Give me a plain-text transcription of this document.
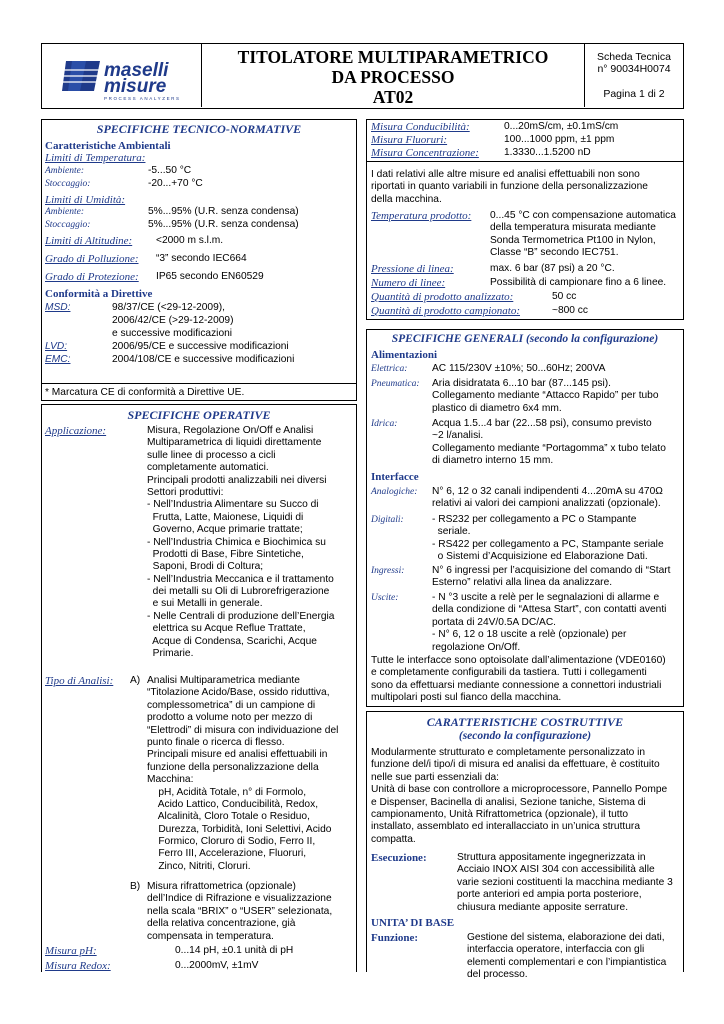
maselli
misure
PROCESS ANALYZERS
TITOLATORE MULTIPARAMETRICO
DA PROCESSO
AT02
Scheda Tecnica
n° 90034H0074
Pagina 1 di 2
SPECIFICHE TECNICO-NORMATIVE
Caratteristiche Ambientali
Limiti di Temperatura:
Ambiente:	-5...50 °C
Stoccaggio:	-20...+70 °C
Limiti di Umidità:
Ambiente:	5%...95% (U.R. senza condensa)
Stoccaggio:	5%...95% (U.R. senza condensa)
Limiti di Altitudine: <2000 m s.l.m.
Grado di Polluzione: “3” secondo IEC664
Grado di Protezione: IP65 secondo EN60529
Conformità a Direttive
MSD:	98/37/CE (<29-12-2009),
2006/42/CE (>29-12-2009)
e successive modificazioni
LVD:	2006/95/CE e successive modificazioni
EMC:	2004/108/CE e successive modificazioni
* Marcatura CE di conformità a Direttive UE.
SPECIFICHE OPERATIVE
Applicazione:	Misura, Regolazione On/Off e Analisi
Multiparametrica di liquidi direttamente
sulle linee di processo a cicli
completamente automatici.
Principali prodotti analizzabili nei diversi
Settori produttivi:
- Nell’Industria Alimentare su Succo di
Frutta, Latte, Maionese, Liquidi di
Governo, Acque primarie trattate;
- Nell’Industria Chimica e Biochimica su
Prodotti di Base, Fibre Sintetiche,
Saponi, Brodi di Coltura;
- Nell’Industria Meccanica e il trattamento
dei metalli su Oli di Lubrorefrigerazione
e sui Metalli in generale.
- Nelle Centrali di produzione dell’Energia
elettrica su Acque Reflue Trattate,
Acque di Condensa, Scarichi, Acque
Primarie.
Tipo di Analisi: A) Analisi Multiparametrica mediante
“Titolazione Acido/Base, ossido riduttiva,
complessometrica” di un campione di
prodotto a volume noto per mezzo di
“Elettrodi” di misura con individuazione del
punto finale o ricerca di flesso.
Principali misure ed analisi effettuabili in
funzione della personalizzazione della
Macchina:
pH, Acidità Totale, n° di Formolo,
Acido Lattico, Conducibilità, Redox,
Alcalinità, Cloro Totale o Residuo,
Durezza, Torbidità, Ioni Selettivi, Acido
Formico, Cloruro di Sodio, Ferro II,
Ferro III, Accelerazione, Fluoruri,
Zinco, Nitriti, Cloruri.
B) Misura rifrattometrica (opzionale)
dell’Indice di Rifrazione e visualizzazione
nella scala “BRIX” o “USER” selezionata,
della relativa concentrazione, già
compensata in temperatura.
Misura pH:	0...14 pH, ±0.1 unità di pH
Misura Redox:	0...2000mV, ±1mV
Misura Conducibilità:	0...20mS/cm, ±0.1mS/cm
Misura Fluoruri:	100...1000 ppm, ±1 ppm
Misura Concentrazione: 1.3330...1.5200 nD
I dati relativi alle altre misure ed analisi effettuabili non sono
riportati in quanto variabili in funzione della personalizzazione
della macchina.
Temperatura prodotto: 0...45 °C con compensazione automatica
della temperatura misurata mediante
Sonda Termometrica Pt100 in Nylon,
Classe “B” secondo IEC751.
Pressione di linea:	max. 6 bar (87 psi) a 20 °C.
Numero di linee:	Possibilità di campionare fino a 6 linee.
Quantità di prodotto analizzato:	50 cc
Quantità di prodotto campionato:	~800 cc
SPECIFICHE GENERALI (secondo la configurazione)
Alimentazioni
Elettrica: AC 115/230V ±10%; 50...60Hz; 200VA
Pneumatica: Aria disidratata 6...10 bar (87...145 psi).
Collegamento mediante “Attacco Rapido” per tubo
plastico di diametro 6x4 mm.
Idrica:	Acqua 1.5...4 bar (22...58 psi), consumo previsto
~2 l/analisi.
Collegamento mediante “Portagomma” x tubo telato
di diametro interno 15 mm.
Interfacce
Analogiche: N° 6, 12 o 32 canali indipendenti 4...20mA su 470Ω
relativi ai valori dei campioni analizzati (opzionale).
Digitali:	- RS232 per collegamento a PC o Stampante
seriale.
- RS422 per collegamento a PC, Stampante seriale
o Sistemi d’Acquisizione ed Elaborazione Dati.
Ingressi:	N° 6 ingressi per l’acquisizione del comando di “Start
Esterno” relativi alla linea da analizzare.
Uscite:	- N °3 uscite a relè per le segnalazioni di allarme e
della condizione di “Attesa Start”, con contatti aventi
portata di 24V/0.5A DC/AC.
- N° 6, 12 o 18 uscite a relè (opzionale) per
regolazione On/Off.
Tutte le interfacce sono optoisolate dall’alimentazione (VDE0160)
e completamente configurabili da tastiera. Tutti i collegamenti
sono da effettuarsi mediante connessione a connettori industriali
multipolari posti sul fianco della macchina.
CARATTERISTICHE COSTRUTTIVE
(secondo la configurazione)
Modularmente strutturato e completamente personalizzato in
funzione del/i tipo/i di misura ed analisi da effettuare, è costituito
nelle sue parti essenziali da:
Unità di base con controllore a microprocessore, Pannello Pompe
e Dispenser, Bacinella di analisi, Sezione taniche, Sistema di
campionamento, Unità Rifrattometrica (opzionale), il tutto
installato, assemblato ed interallacciato in un’unica struttura
compatta.
Esecuzione:	Struttura appositamente ingegnerizzata in
Acciaio INOX AISI 304 con accessibilità alle
varie sezioni costituenti la macchina mediante 3
porte anteriori ed ampia porta posteriore,
chiusura mediante apposite serrature.
UNITA’ DI BASE
Funzione:	Gestione del sistema, elaborazione dei dati,
interfaccia operatore, interfaccia con gli
elementi complementari e con l’impiantistica
del processo.
